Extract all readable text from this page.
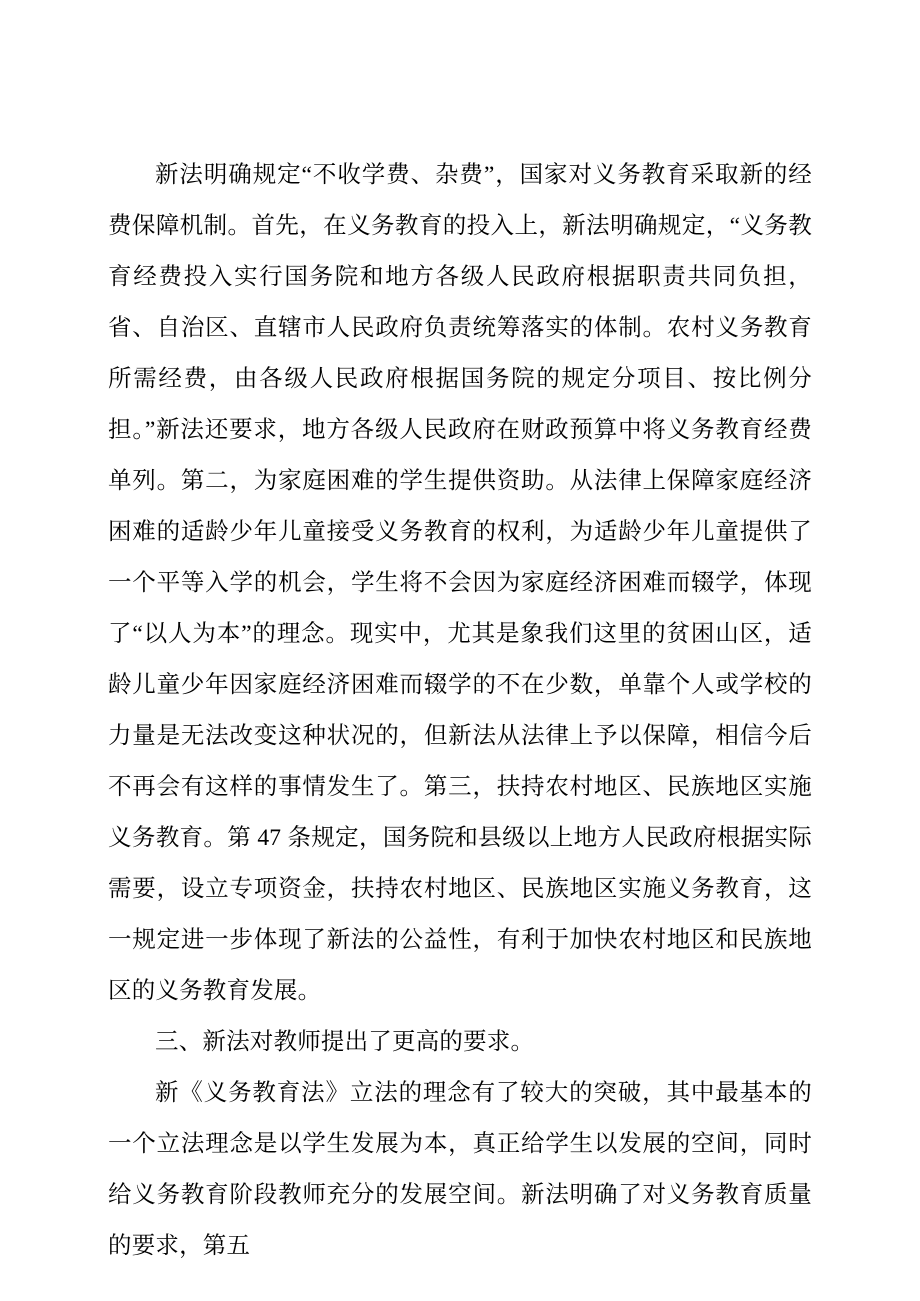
新法明确规定“不收学费、杂费”，国家对义务教育采取新的经费保障机制。首先，在义务教育的投入上，新法明确规定，“义务教育经费投入实行国务院和地方各级人民政府根据职责共同负担，省、自治区、直辖市人民政府负责统筹落实的体制。农村义务教育所需经费，由各级人民政府根据国务院的规定分项目、按比例分担。”新法还要求，地方各级人民政府在财政预算中将义务教育经费单列。第二，为家庭困难的学生提供资助。从法律上保障家庭经济困难的适龄少年儿童接受义务教育的权利，为适龄少年儿童提供了一个平等入学的机会，学生将不会因为家庭经济困难而辍学，体现了“以人为本”的理念。现实中，尤其是象我们这里的贫困山区，适龄儿童少年因家庭经济困难而辍学的不在少数，单靠个人或学校的力量是无法改变这种状况的，但新法从法律上予以保障，相信今后不再会有这样的事情发生了。第三，扶持农村地区、民族地区实施义务教育。第 47 条规定，国务院和县级以上地方人民政府根据实际需要，设立专项资金，扶持农村地区、民族地区实施义务教育，这一规定进一步体现了新法的公益性，有利于加快农村地区和民族地区的义务教育发展。

三、新法对教师提出了更高的要求。

新《义务教育法》立法的理念有了较大的突破，其中最基本的一个立法理念是以学生发展为本，真正给学生以发展的空间，同时给义务教育阶段教师充分的发展空间。新法明确了对义务教育质量的要求，第五
